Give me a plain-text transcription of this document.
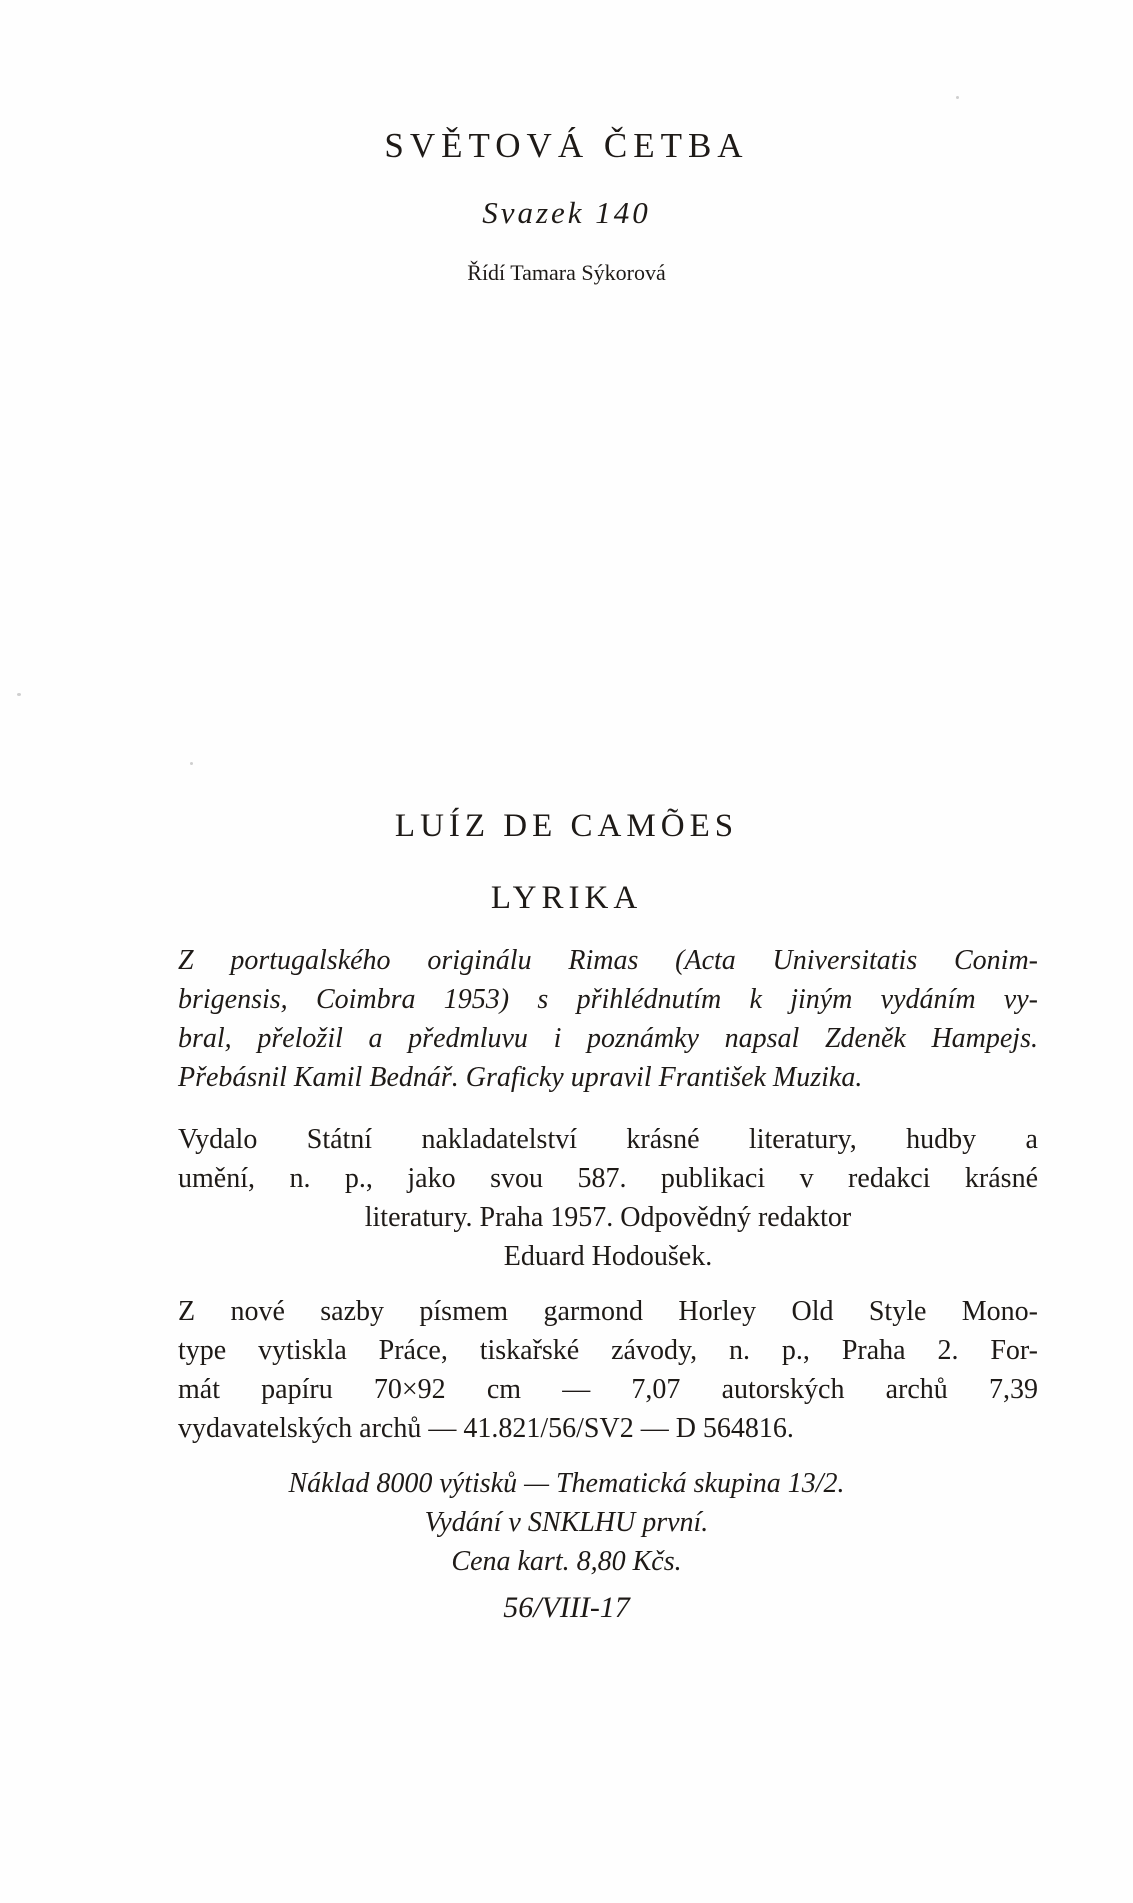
SVĚTOVÁ ČETBA
Svazek 140
Řídí Tamara Sýkorová
LUÍZ DE CAMÕES
LYRIKA
Z portugalského originálu Rimas (Acta Universitatis Conim-
brigensis, Coimbra 1953) s přihlédnutím k jiným vydáním vy-
bral, přeložil a předmluvu i poznámky napsal Zdeněk Hampejs.
Přebásnil Kamil Bednář. Graficky upravil František Muzika.
Vydalo Státní nakladatelství krásné literatury, hudby a
umění, n. p., jako svou 587. publikaci v redakci krásné
literatury. Praha 1957. Odpovědný redaktor
Eduard Hodoušek.
Z nové sazby písmem garmond Horley Old Style Mono-
type vytiskla Práce, tiskařské závody, n. p., Praha 2. For-
mát papíru 70×92 cm — 7,07 autorských archů 7,39
vydavatelských archů — 41.821/56/SV2 — D 564816.
Náklad 8000 výtisků — Thematická skupina 13/2.
Vydání v SNKLHU první.
Cena kart. 8,80 Kčs.
56/VIII-17
